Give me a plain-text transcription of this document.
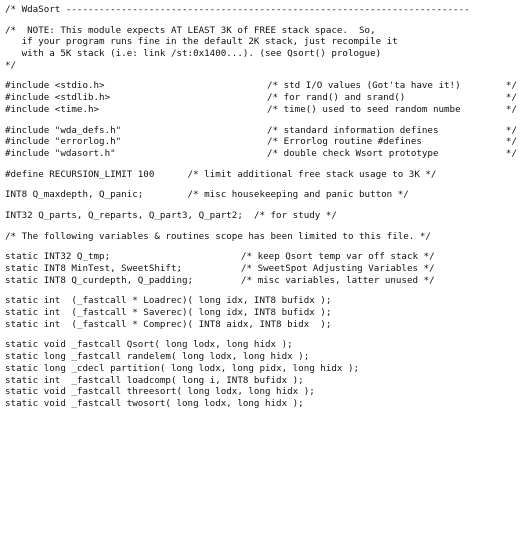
/* WdaSort -------------------------------------------------------------------------
/*  NOTE: This module expects AT LEAST 3K of FREE stack space.  So,
if your program runs fine in the default 2K stack, just recompile it
with a 5K stack (i.e: link /st:0x1400...). (see Qsort() prologue)
*/

#include <stdio.h>

	/* std I/O values (Got'ta have it!)

	*/

#include <stdlib.h>

	/* for rand() and srand()

	*/

#include <time.h>

	/* time() used to seed random numbe

	*/

#include "wda_defs.h"

	/* standard information defines

	*/

#include "errorlog.h"

	/* Errorlog routine #defines

	*/

#include "wdasort.h"

	/* double check Wsort prototype

	*/

#define RECURSION_LIMIT 100      /* limit additional free stack usage to 3K */
INT8 Q_maxdepth, Q_panic;        /* misc housekeeping and panic button */
INT32 Q_parts, Q_reparts, Q_part3, Q_part2;  /* for study */
/* The following variables & routines scope has been limited to this file. */

static INT32 Q_tmp;

	/* keep Qsort temp var off stack */

static INT8 MinTest, SweetShift;

	/* SweetSpot Adjusting Variables */

static INT8 Q_curdepth, Q_padding;

	/* misc variables, latter unused */

static int  (_fastcall * Loadrec)( long idx, INT8 bufidx );
static int  (_fastcall * Saverec)( long idx, INT8 bufidx );
static int  (_fastcall * Comprec)( INT8 aidx, INT8 bidx  );
static void _fastcall Qsort( long lodx, long hidx );
static long _fastcall randelem( long lodx, long hidx );
static long _cdecl partition( long lodx, long pidx, long hidx );
static int  _fastcall loadcomp( long i, INT8 bufidx );
static void _fastcall threesort( long lodx, long hidx );
static void _fastcall twosort( long lodx, long hidx );
